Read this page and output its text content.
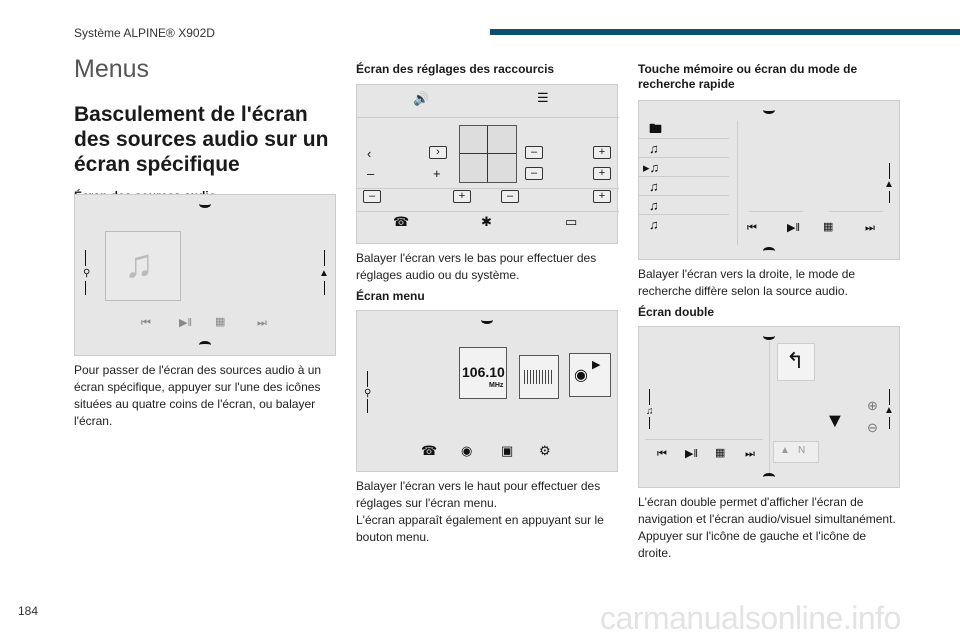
Système ALPINE® X902D
184	carmanualsonline.info
Menus
Basculement de l'écran des sources audio sur un écran spécifique
⚲	▲
♫
⏮	▶‖ ▦	⏭
Pour passer de l'écran des sources audio à un écran spécifique, appuyer sur l'une des icônes situées au quatre coins de l'écran, ou balayer l'écran.
Écran des réglages des raccourcis
🔊	☰
‹	›
–	+
–	+
–	+
–	+	–	+
☎	✱	▭
Balayer l'écran vers le bas pour effectuer des réglages audio ou du système.
Écran menu
⚲
106.10
MHz
◉
▶
☎ ◉ ▣ ⚙
Balayer l'écran vers le haut pour effectuer des réglages sur l'écran menu.
L'écran apparaît également en appuyant sur le bouton menu.
Touche mémoire ou écran du mode de recherche rapide
🖿
♫
▸♫
♫
♫
♫
▲
⏮	▶‖ ▦	⏭
Balayer l'écran vers la droite, le mode de recherche diffère selon la source audio.
Écran double
↰
♫	▼
⊕
⊖
▲
⏮ ▶‖ ▦ ⏭	▲ N
L'écran double permet d'afficher l'écran de navigation et l'écran audio/visuel simultanément. Appuyer sur l'icône de gauche et l'icône de droite.
